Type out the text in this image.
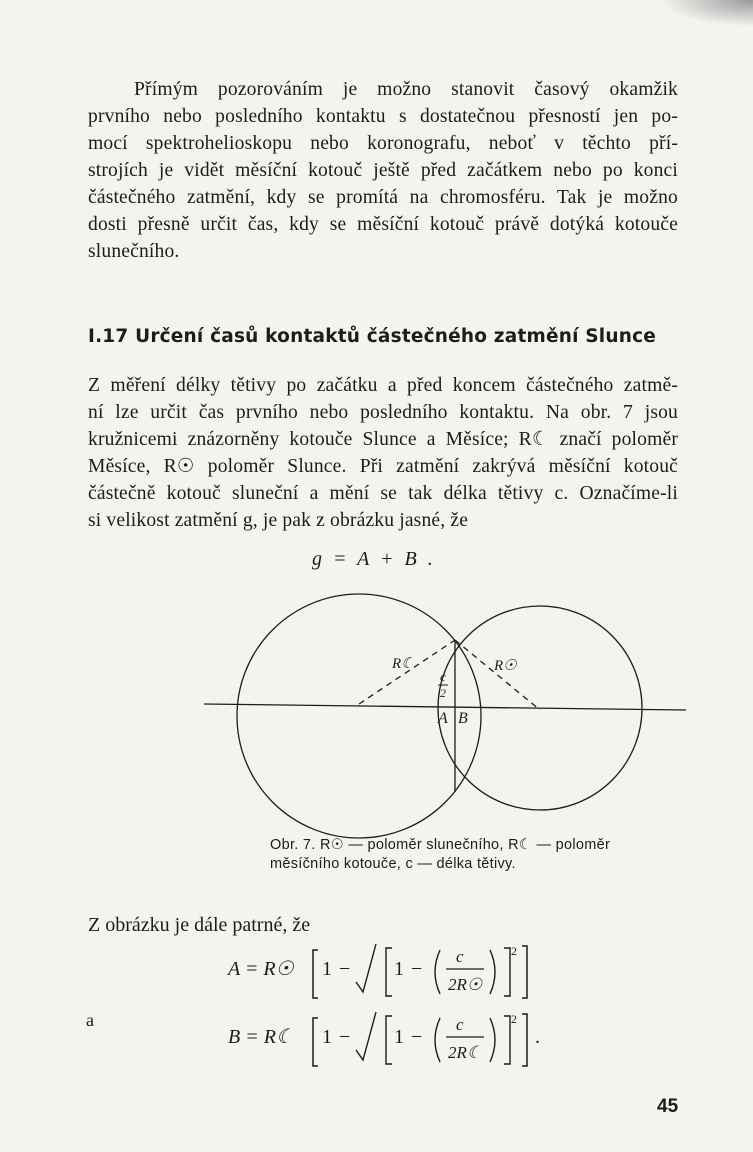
Přímým pozorováním je možno stanovit časový okamžik
prvního nebo posledního kontaktu s dostatečnou přesností jen po-
mocí spektrohelioskopu nebo koronografu, neboť v těchto pří-
strojích je vidět měsíční kotouč ještě před začátkem nebo po konci
částečného zatmění, kdy se promítá na chromosféru. Tak je možno
dosti přesně určit čas, kdy se měsíční kotouč právě dotýká kotouče
slunečního.

I.17 Určení časů kontaktů částečného zatmění Slunce

Z měření délky tětivy po začátku a před koncem částečného zatmě-
ní lze určit čas prvního nebo posledního kontaktu. Na obr. 7 jsou
kružnicemi znázorněny kotouče Slunce a Měsíce; R☾ značí poloměr
Měsíce, R☉ poloměr Slunce. Při zatmění zakrývá měsíční kotouč
částečně kotouč sluneční a mění se tak délka tětivy c. Označíme-li
si velikost zatmění g, je pak z obrázku jasné, že

g = A + B .
R☾	R☉
c
2
A B

Obr. 7. R☉ — poloměr slunečního, R☾ — poloměr
měsíčního kotouče, c — délka tětivy.

Z obrázku je dále patrné, že

A = R☉ 1 − 1 −
c
2R☉
2
a
B = R☾ 1 − 1 −
c
2R☾
2
.
45
